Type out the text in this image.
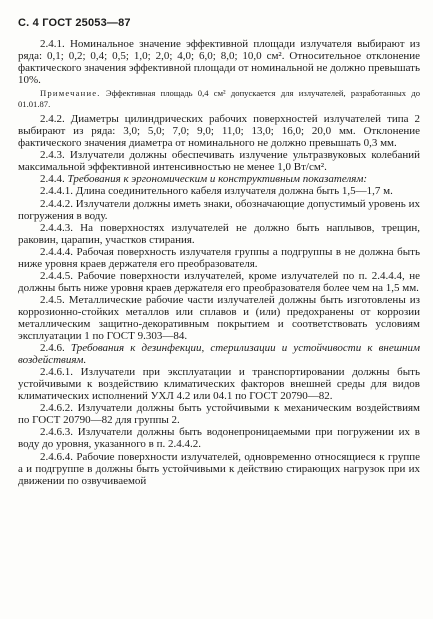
С. 4 ГОСТ 25053—87

2.4.1. Номинальное значение эффективной площади излучателя выбирают из ряда: 0,1; 0,2; 0,4; 0,5; 1,0; 2,0; 4,0; 6,0; 8,0; 10,0 см². Относительное отклонение фактического значения эффективной площади от номинальной не должно превышать 10%.

Примечание. Эффективная площадь 0,4 см² допускается для излучателей, разработанных до 01.01.87.

2.4.2. Диаметры цилиндрических рабочих поверхностей излучателей типа 2 выбирают из ряда: 3,0; 5,0; 7,0; 9,0; 11,0; 13,0; 16,0; 20,0 мм. Отклонение фактического значения диаметра от номинального не должно превышать 0,3 мм.

2.4.3. Излучатели должны обеспечивать излучение ультразвуковых колебаний максимальной эффективной интенсивностью не менее 1,0 Вт/см².

2.4.4. Требования к эргономическим и конструктивным показателям:

2.4.4.1. Длина соединительного кабеля излучателя должна быть 1,5—1,7 м.

2.4.4.2. Излучатели должны иметь знаки, обозначающие допустимый уровень их погружения в воду.

2.4.4.3. На поверхностях излучателей не должно быть наплывов, трещин, раковин, царапин, участков стирания.

2.4.4.4. Рабочая поверхность излучателя группы а подгруппы в не должна быть ниже уровня краев держателя его преобразователя.

2.4.4.5. Рабочие поверхности излучателей, кроме излучателей по п. 2.4.4.4, не должны быть ниже уровня краев держателя его преобразователя более чем на 1,5 мм.

2.4.5. Металлические рабочие части излучателей должны быть изготовлены из коррозионно-стойких металлов или сплавов и (или) предохранены от коррозии металлическим защитно-декоративным покрытием и соответствовать условиям эксплуатации 1 по ГОСТ 9.303—84.

2.4.6. Требования к дезинфекции, стерилизации и устойчивости к внешним воздействиям.

2.4.6.1. Излучатели при эксплуатации и транспортировании должны быть устойчивыми к воздействию климатических факторов внешней среды для видов климатических исполнений УХЛ 4.2 или 04.1 по ГОСТ 20790—82.

2.4.6.2. Излучатели должны быть устойчивыми к механическим воздействиям по ГОСТ 20790—82 для группы 2.

2.4.6.3. Излучатели должны быть водонепроницаемыми при погружении их в воду до уровня, указанного в п. 2.4.4.2.

2.4.6.4. Рабочие поверхности излучателей, одновременно относящиеся к группе а и подгруппе в должны быть устойчивыми к действию стирающих нагрузок при их движении по озвучиваемой
